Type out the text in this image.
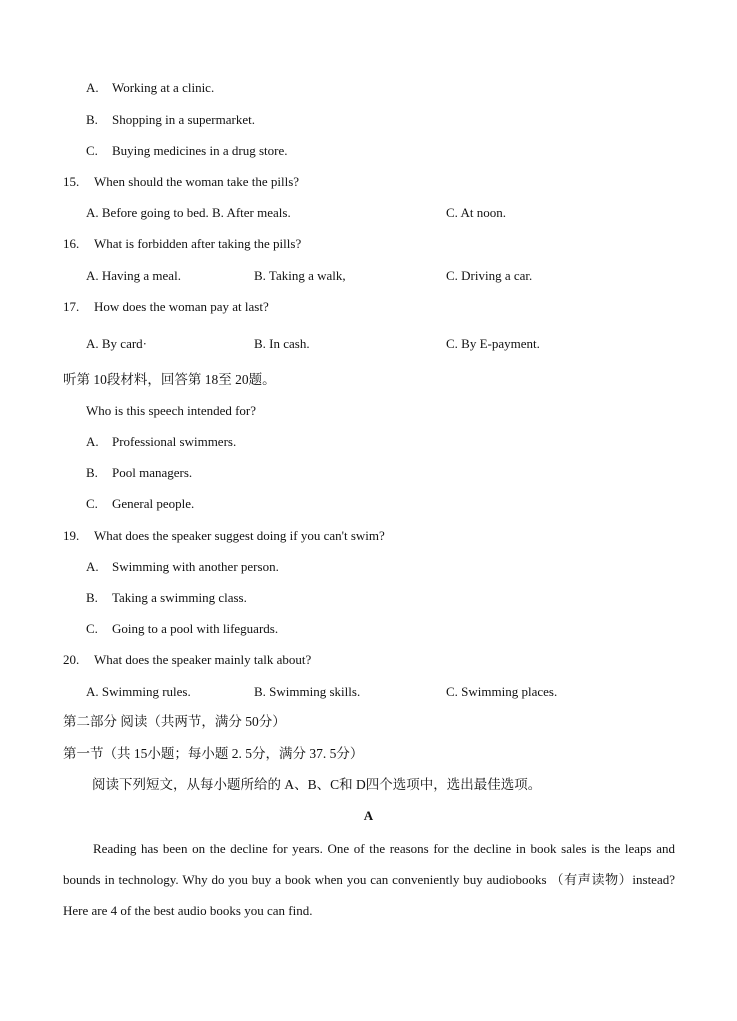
A. Working at a clinic.
B. Shopping in a supermarket.
C. Buying medicines in a drug store.
15. When should the woman take the pills?
A. Before going to bed. B. After meals.	C. At noon.
16. What is forbidden after taking the pills?
A. Having a meal.	B. Taking a walk,	C. Driving a car.
17. How does the woman pay at last?
A. By card·	B. In cash.	C. By E-payment.
听第 10段材料，回答第 18至 20题。
Who is this speech intended for?
A. Professional swimmers.
B. Pool managers.
C. General people.
19. What does the speaker suggest doing if you can't swim?
A. Swimming with another person.
B. Taking a swimming class.
C. Going to a pool with lifeguards.
20. What does the speaker mainly talk about?
A. Swimming rules.	B. Swimming skills.	C. Swimming places.
第二部分 阅读（共两节，满分 50分）
第一节（共 15小题；每小题 2. 5分，满分 37. 5分）
阅读下列短文，从每小题所给的 A、B、C和 D四个选项中，选出最佳选项。
A
Reading has been on the decline for years. One of the reasons for the decline in book sales is the leaps and bounds in technology. Why do you buy a book when you can conveniently buy audiobooks （有声读物）instead? Here are 4 of the best audio books you can find.
